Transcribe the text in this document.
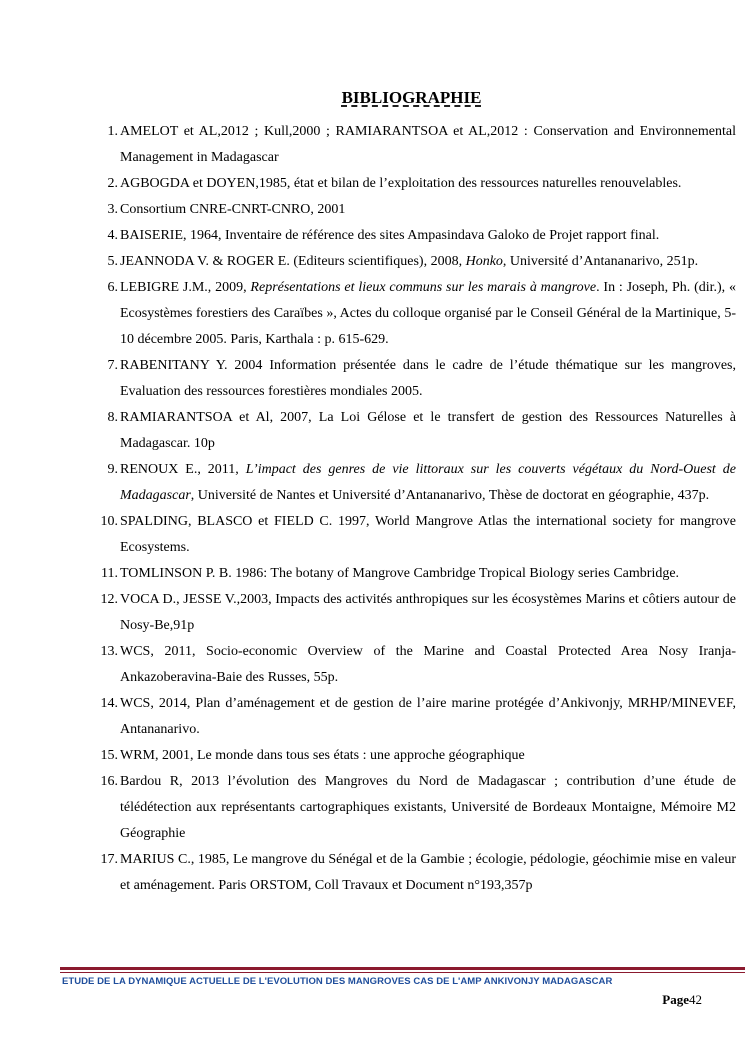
BIBLIOGRAPHIE
1. AMELOT et AL,2012 ; Kull,2000 ; RAMIARANTSOA et AL,2012 : Conservation and Environnemental Management in Madagascar
2. AGBOGDA et DOYEN,1985, état et bilan de l’exploitation des ressources naturelles renouvelables.
3. Consortium CNRE-CNRT-CNRO, 2001
4. BAISERIE, 1964, Inventaire de référence des sites Ampasindava Galoko de Projet rapport final.
5. JEANNODA V. & ROGER E. (Editeurs scientifiques), 2008, Honko, Université d’Antananarivo, 251p.
6. LEBIGRE J.M., 2009, Représentations et lieux communs sur les marais à mangrove. In : Joseph, Ph. (dir.), « Ecosystèmes forestiers des Caraïbes », Actes du colloque organisé par le Conseil Général de la Martinique, 5-10 décembre 2005. Paris, Karthala : p. 615-629.
7. RABENITANY Y. 2004 Information présentée dans le cadre de l’étude thématique sur les mangroves, Evaluation des ressources forestières mondiales 2005.
8. RAMIARANTSOA et Al, 2007, La Loi Gélose et le transfert de gestion des Ressources Naturelles à Madagascar. 10p
9. RENOUX E., 2011, L’impact des genres de vie littoraux sur les couverts végétaux du Nord-Ouest de Madagascar, Université de Nantes et Université d’Antananarivo, Thèse de doctorat en géographie, 437p.
10. SPALDING, BLASCO et FIELD C. 1997, World Mangrove Atlas the international society for mangrove Ecosystems.
11. TOMLINSON P. B. 1986: The botany of Mangrove Cambridge Tropical Biology series Cambridge.
12. VOCA D., JESSE V.,2003, Impacts des activités anthropiques sur les écosystèmes Marins et côtiers autour de Nosy-Be,91p
13. WCS, 2011, Socio-economic Overview of the Marine and Coastal Protected Area Nosy Iranja-Ankazoberavina-Baie des Russes, 55p.
14. WCS, 2014, Plan d’aménagement et de gestion de l’aire marine protégée d’Ankivonjy, MRHP/MINEVEF, Antananarivo.
15. WRM, 2001, Le monde dans tous ses états : une approche géographique
16. Bardou R, 2013 l’évolution des Mangroves du Nord de Madagascar ; contribution d’une étude de télédétection aux représentants cartographiques existants, Université de Bordeaux Montaigne, Mémoire M2 Géographie
17. MARIUS C., 1985, Le mangrove du Sénégal et de la Gambie ; écologie, pédologie, géochimie mise en valeur et aménagement. Paris ORSTOM, Coll Travaux et Document n°193,357p
ETUDE DE LA DYNAMIQUE ACTUELLE DE L'EVOLUTION DES MANGROVES CAS DE L'AMP ANKIVONJY MADAGASCAR
Page42
